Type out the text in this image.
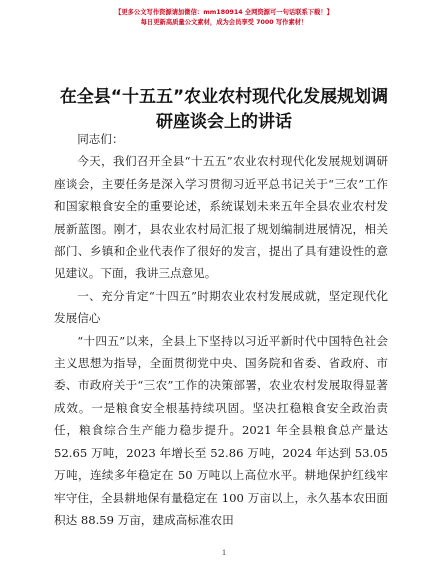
【更多公文写作资源请加微信：mm180914 全网资源可一句话联系下载！】
每日更新高质量公文素材，成为会员享受 7000 写作素材！
在全县“十五五”农业农村现代化发展规划调研座谈会上的讲话

同志们：

今天，我们召开全县“十五五”农业农村现代化发展规划调研座谈会，主要任务是深入学习贯彻习近平总书记关于“三农”工作和国家粮食安全的重要论述，系统谋划未来五年全县农业农村发展新蓝图。刚才，县农业农村局汇报了规划编制进展情况，相关部门、乡镇和企业代表作了很好的发言，提出了具有建设性的意见建议。下面，我讲三点意见。

一、充分肯定“十四五”时期农业农村发展成就，坚定现代化发展信心

“十四五”以来，全县上下坚持以习近平新时代中国特色社会主义思想为指导，全面贯彻党中央、国务院和省委、省政府、市委、市政府关于“三农”工作的决策部署，农业农村发展取得显著成效。一是粮食安全根基持续巩固。坚决扛稳粮食安全政治责任，粮食综合生产能力稳步提升。2021 年全县粮食总产量达 52.65 万吨，2023 年增长至 52.86 万吨，2024 年达到 53.05 万吨，连续多年稳定在 50 万吨以上高位水平。耕地保护红线牢牢守住，全县耕地保有量稳定在 100 万亩以上，永久基本农田面积达 88.59 万亩，建成高标准农田

1
